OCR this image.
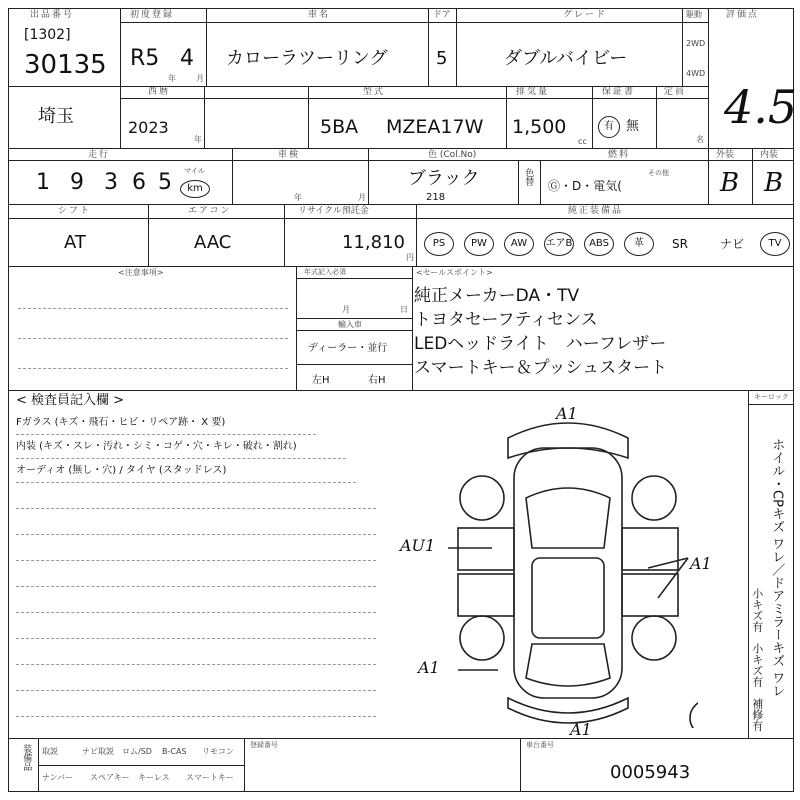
出品番号
[1302]
30135
初度登録
R5 4
年	月
車名
カローラツーリング
ドア
5
グレード
ダブルバイビー
駆動
2WD
4WD
評価点
4.5
埼玉
西暦
2023
年
型式
5BA MZEA17W
排気量
1,500
cc
保証書
有 無
定員
名
走行
1 9 3 6 5 マイル
km
車検
年	月
色 (Col.No)
ブラック
218
色替
燃料
Ⓖ・D・電気(
その他
外装
B
内装
B
シフト
AT
エアコン
AAC
リサイクル預託金
11,810
円
純正装備品
PS	PW	AW	エアB	ABS	革	SR	ナビ	TV
<注意事項>	年式記入必須
月	日
輸入車
ディーラー・並行
左H	右H
<セールスポイント>
純正メーカーDA・TV
トヨタセーフティセンス
LEDヘッドライト　ハーフレザー
スマートキー＆プッシュスタート
< 検査員記入欄 >
Fガラス (キズ・飛石・ヒビ・リペア跡・ X 要)
内装 (キズ・スレ・汚れ・シミ・コゲ・穴・キレ・破れ・割れ)
オーディオ (無し・穴) / タイヤ (スタッドレス)
キーロック
ホイル・CPキズ ワレ／ドアミラーキズ ワレ
小キズ有　小キズ有　補修有
A1
AU1
A1
A1
A1
装備品 取説	ナビ取説 ロム/SD B-CAS リモコン
ナンバー スペアキー キーレス スマートキー
登録番号	車台番号
0005943
